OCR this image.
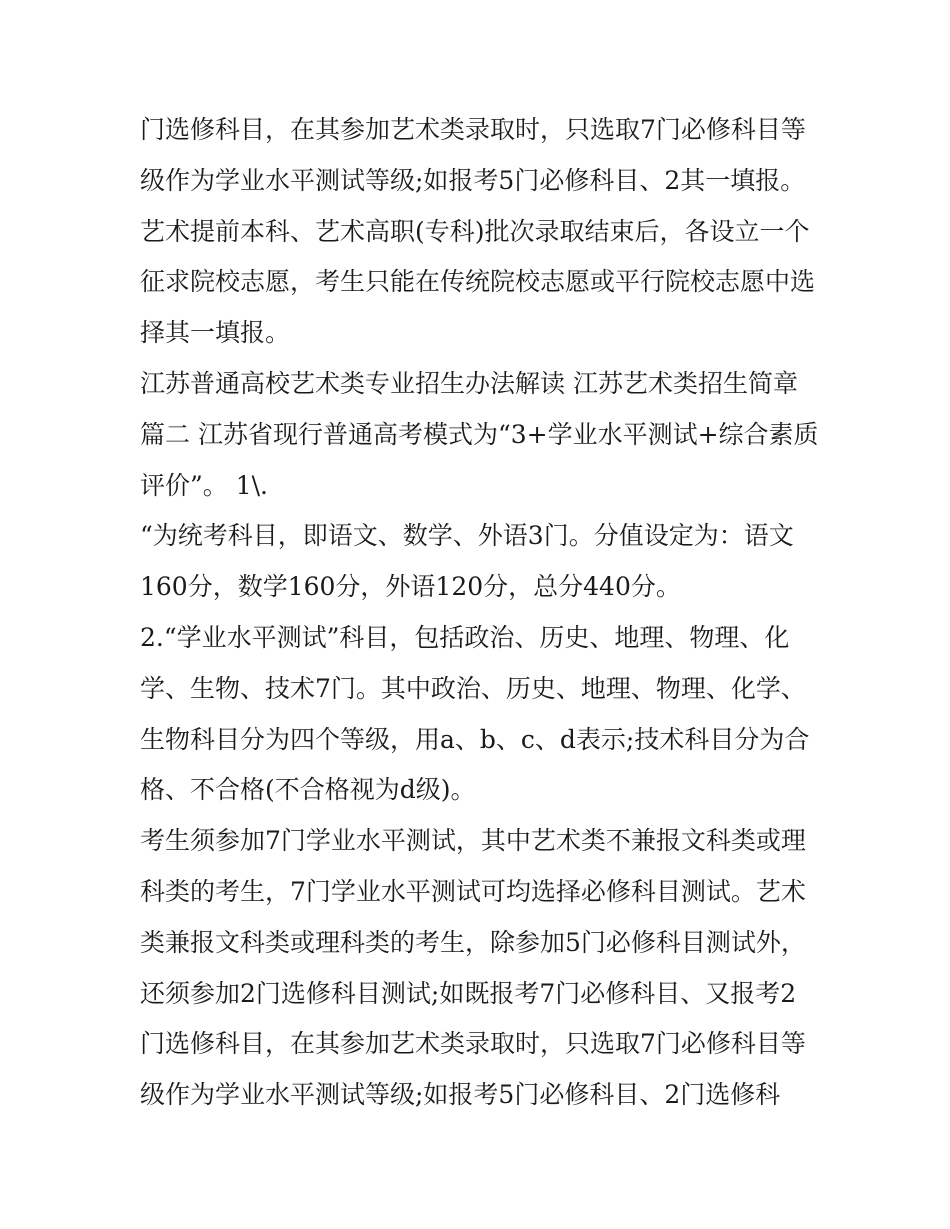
门选修科目，在其参加艺术类录取时，只选取7门必修科目等
级作为学业水平测试等级;如报考5门必修科目、2其一填报。
艺术提前本科、艺术高职(专科)批次录取结束后，各设立一个
征求院校志愿，考生只能在传统院校志愿或平行院校志愿中选
择其一填报。
江苏普通高校艺术类专业招生办法解读 江苏艺术类招生简章
篇二 江苏省现行普通高考模式为“3+学业水平测试+综合素质
评价”。 1\.
“为统考科目，即语文、数学、外语3门。分值设定为：语文
160分，数学160分，外语120分，总分440分。
2.“学业水平测试”科目，包括政治、历史、地理、物理、化
学、生物、技术7门。其中政治、历史、地理、物理、化学、
生物科目分为四个等级，用a、b、c、d表示;技术科目分为合
格、不合格(不合格视为d级)。
考生须参加7门学业水平测试，其中艺术类不兼报文科类或理
科类的考生，7门学业水平测试可均选择必修科目测试。艺术
类兼报文科类或理科类的考生，除参加5门必修科目测试外，
还须参加2门选修科目测试;如既报考7门必修科目、又报考2
门选修科目，在其参加艺术类录取时，只选取7门必修科目等
级作为学业水平测试等级;如报考5门必修科目、2门选修科
